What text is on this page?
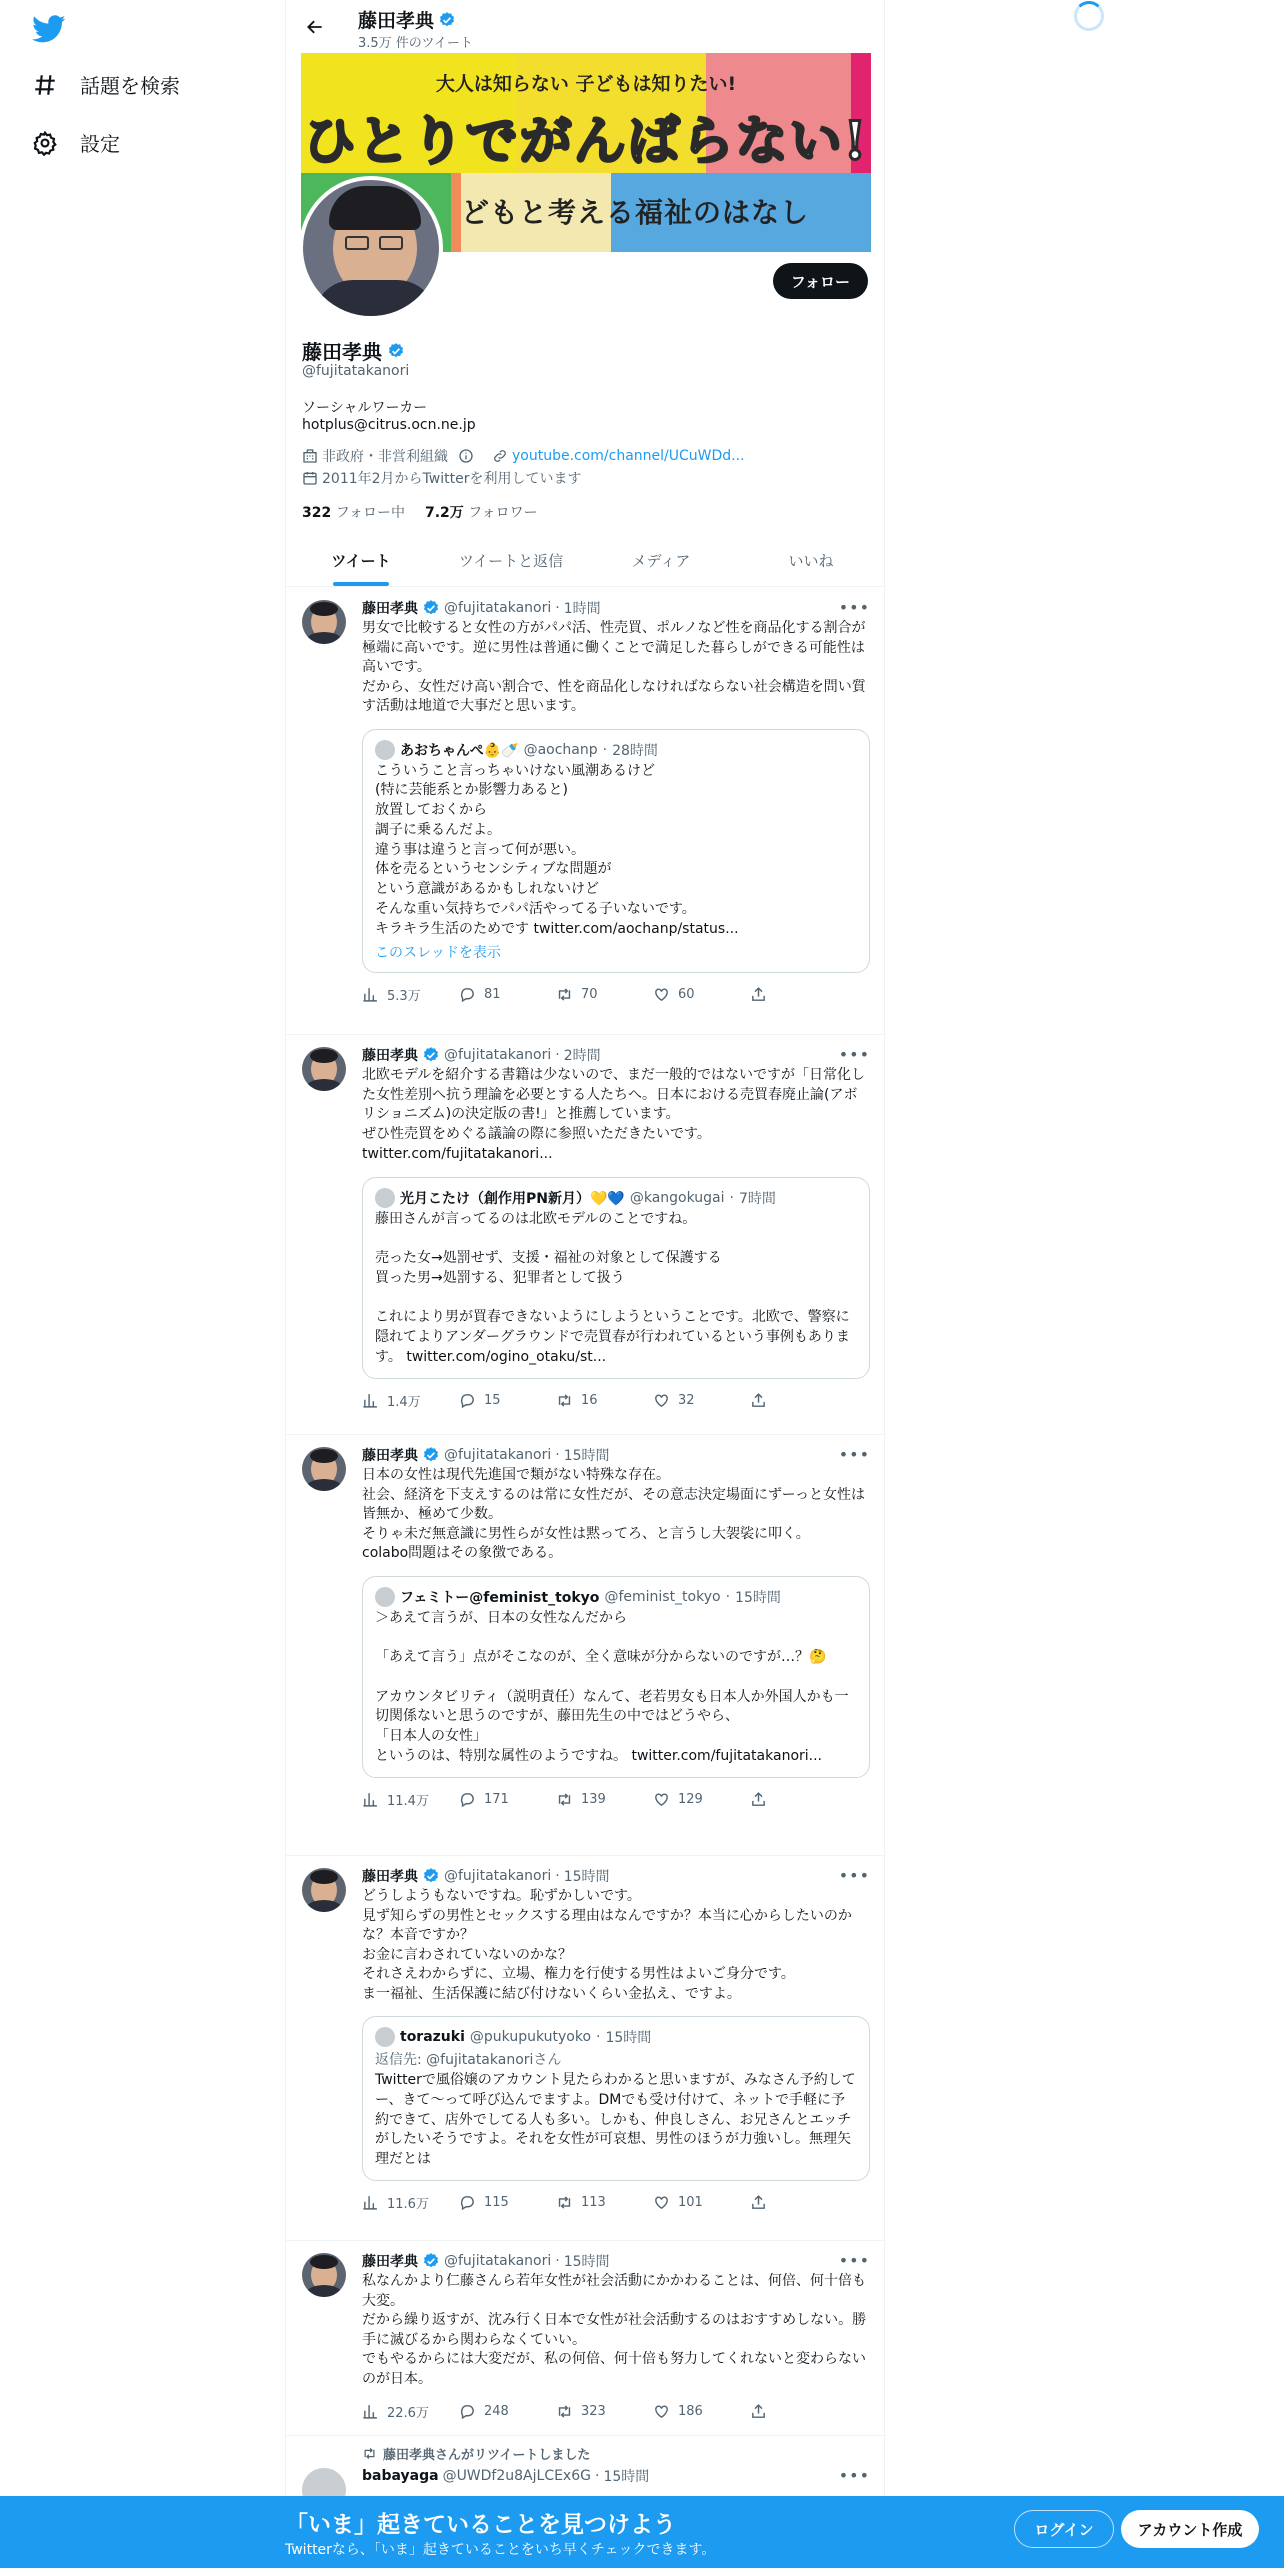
話題を検索
設定
藤田孝典
3.5万 件のツイート
大人は知らない 子どもは知りたい!
ひとりでがんばらない!
どもと考える福祉のはなし
フォロー
藤田孝典
@fujitatakanori
ソーシャルワーカー
hotplus@citrus.ocn.ne.jp
非政府・非営利組織	youtube.com/channel/UCuWDd...
2011年2月からTwitterを利用しています
322 フォロー中 7.2万 フォロワー
ツイート	ツイートと返信	メディア	いいね
藤田孝典 @fujitatakanori · 1時間
男女で比較すると女性の方がパパ活、性売買、ポルノなど性を商品化する割合が極端に高いです。逆に男性は普通に働くことで満足した暮らしができる可能性は高いです。
だから、女性だけ高い割合で、性を商品化しなければならない社会構造を問い質す活動は地道で大事だと思います。
あおちゃんぺ👶🍼 @aochanp · 28時間
こういうこと言っちゃいけない風潮あるけど
(特に芸能系とか影響力あると)
放置しておくから
調子に乗るんだよ。
違う事は違うと言って何が悪い。
体を売るというセンシティブな問題が
という意識があるかもしれないけど
そんな重い気持ちでパパ活やってる子いないです。
キラキラ生活のためです twitter.com/aochanp/status...
このスレッドを表示
5.3万	81	70	60
•••
藤田孝典 @fujitatakanori · 2時間
北欧モデルを紹介する書籍は少ないので、まだ一般的ではないですが「日常化した女性差別へ抗う理論を必要とする人たちへ。日本における売買春廃止論(アボリショニズム)の決定版の書!」と推薦しています。
ぜひ性売買をめぐる議論の際に参照いただきたいです。
twitter.com/fujitatakanori...
光月こたけ（創作用PN新月）💛💙 @kangokugai · 7時間
藤田さんが言ってるのは北欧モデルのことですね。

売った女→処罰せず、支援・福祉の対象として保護する
買った男→処罰する、犯罪者として扱う

これにより男が買春できないようにしようということです。北欧で、警察に隠れてよりアンダーグラウンドで売買春が行われているという事例もあります。 twitter.com/ogino_otaku/st...
1.4万	15	16	32
•••
藤田孝典 @fujitatakanori · 15時間
日本の女性は現代先進国で類がない特殊な存在。
社会、経済を下支えするのは常に女性だが、その意志決定場面にずーっと女性は皆無か、極めて少数。
そりゃ未だ無意識に男性らが女性は黙ってろ、と言うし大袈裟に叩く。
colabo問題はその象徴である。
フェミトー@feminist_tokyo @feminist_tokyo · 15時間
＞あえて言うが、日本の女性なんだから

「あえて言う」点がそこなのが、全く意味が分からないのですが…？🤔

アカウンタビリティ（説明責任）なんて、老若男女も日本人か外国人かも一切関係ないと思うのですが、藤田先生の中ではどうやら、
「日本人の女性」
というのは、特別な属性のようですね。 twitter.com/fujitatakanori...
11.4万	171	139	129
•••
藤田孝典 @fujitatakanori · 15時間
どうしようもないですね。恥ずかしいです。
見ず知らずの男性とセックスする理由はなんですか？本当に心からしたいのかな？本音ですか？
お金に言わされていないのかな？
それさえわからずに、立場、権力を行使する男性はよいご身分です。
ま一福祉、生活保護に結び付けないくらい金払え、ですよ。
torazuki @pukupukutyoko · 15時間
返信先: @fujitatakanoriさん
Twitterで風俗嬢のアカウント見たらわかると思いますが、みなさん予約してー、きて〜って呼び込んでますよ。DMでも受け付けて、ネットで手軽に予約できて、店外でしてる人も多い。しかも、仲良しさん、お兄さんとエッチがしたいそうですよ。それを女性が可哀想、男性のほうが力強いし。無理矢理だとは
11.6万	115	113	101
•••
藤田孝典 @fujitatakanori · 15時間
私なんかより仁藤さんら若年女性が社会活動にかかわることは、何倍、何十倍も大変。
だから繰り返すが、沈み行く日本で女性が社会活動するのはおすすめしない。勝手に滅びるから関わらなくていい。
でもやるからには大変だが、私の何倍、何十倍も努力してくれないと変わらないのが日本。
22.6万	248	323	186
•••
藤田孝典さんがリツイートしました
babayaga @UWDf2u8AjLCEx6G · 15時間	•••
「いま」起きていることを見つけよう
Twitterなら、「いま」起きていることをいち早くチェックできます。
ログイン	アカウント作成
